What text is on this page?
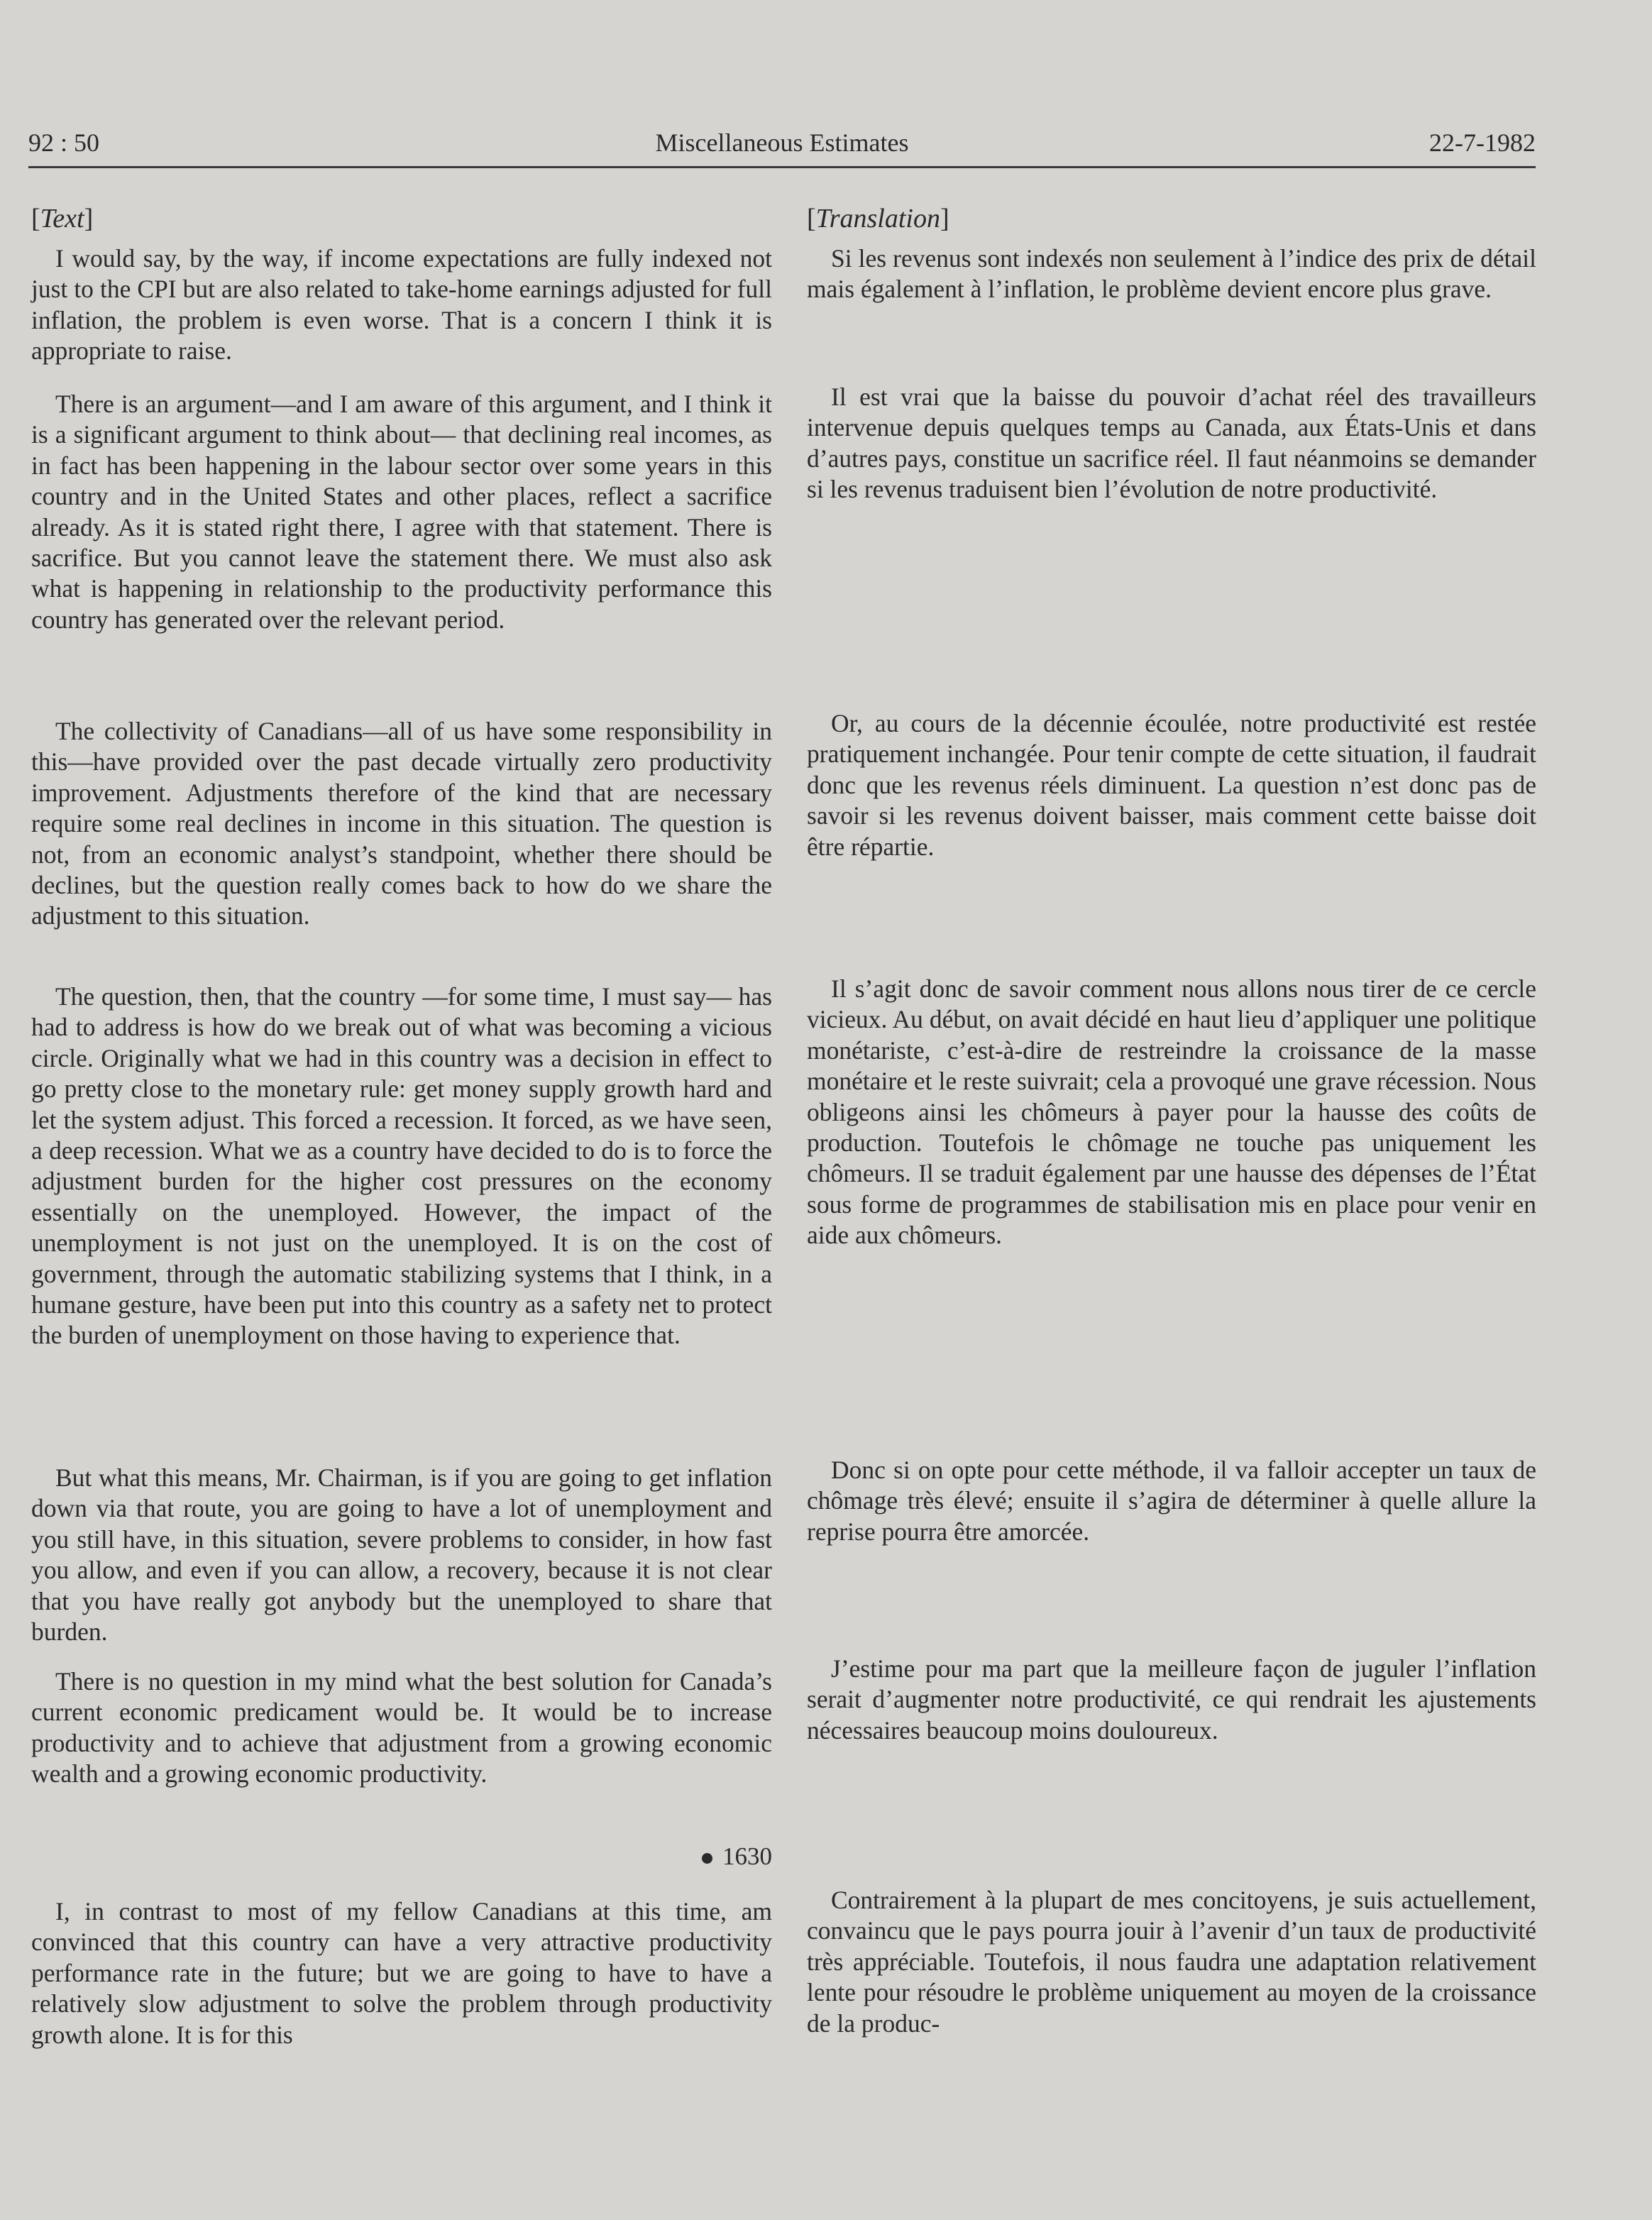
92 : 50	Miscellaneous Estimates	22-7-1982
[Text]
I would say, by the way, if income expectations are fully indexed not just to the CPI but are also related to take-home earnings adjusted for full inflation, the problem is even worse. That is a concern I think it is appropriate to raise.
There is an argument—and I am aware of this argument, and I think it is a significant argument to think about— that declining real incomes, as in fact has been happening in the labour sector over some years in this country and in the United States and other places, reflect a sacrifice already. As it is stated right there, I agree with that statement. There is sacrifice. But you cannot leave the statement there. We must also ask what is happening in relationship to the productivity performance this country has generated over the relevant period.
The collectivity of Canadians—all of us have some responsibility in this—have provided over the past decade virtually zero productivity improvement. Adjustments therefore of the kind that are necessary require some real declines in income in this situation. The question is not, from an economic analyst’s standpoint, whether there should be declines, but the question really comes back to how do we share the adjustment to this situation.
The question, then, that the country —for some time, I must say— has had to address is how do we break out of what was becoming a vicious circle. Originally what we had in this country was a decision in effect to go pretty close to the monetary rule: get money supply growth hard and let the system adjust. This forced a recession. It forced, as we have seen, a deep recession. What we as a country have decided to do is to force the adjustment burden for the higher cost pressures on the economy essentially on the unemployed. However, the impact of the unemployment is not just on the unemployed. It is on the cost of government, through the automatic stabilizing systems that I think, in a humane gesture, have been put into this country as a safety net to protect the burden of unemployment on those having to experience that.
But what this means, Mr. Chairman, is if you are going to get inflation down via that route, you are going to have a lot of unemployment and you still have, in this situation, severe problems to consider, in how fast you allow, and even if you can allow, a recovery, because it is not clear that you have really got anybody but the unemployed to share that burden.
There is no question in my mind what the best solution for Canada’s current economic predicament would be. It would be to increase productivity and to achieve that adjustment from a growing economic wealth and a growing economic productivity.
1630
I, in contrast to most of my fellow Canadians at this time, am convinced that this country can have a very attractive productivity performance rate in the future; but we are going to have to have a relatively slow adjustment to solve the problem through productivity growth alone. It is for this
[Translation]
Si les revenus sont indexés non seulement à l’indice des prix de détail mais également à l’inflation, le problème devient encore plus grave.
Il est vrai que la baisse du pouvoir d’achat réel des travailleurs intervenue depuis quelques temps au Canada, aux États-Unis et dans d’autres pays, constitue un sacrifice réel. Il faut néanmoins se demander si les revenus traduisent bien l’évolution de notre productivité.
Or, au cours de la décennie écoulée, notre productivité est restée pratiquement inchangée. Pour tenir compte de cette situation, il faudrait donc que les revenus réels diminuent. La question n’est donc pas de savoir si les revenus doivent baisser, mais comment cette baisse doit être répartie.
Il s’agit donc de savoir comment nous allons nous tirer de ce cercle vicieux. Au début, on avait décidé en haut lieu d’appliquer une politique monétariste, c’est-à-dire de restreindre la croissance de la masse monétaire et le reste suivrait; cela a provoqué une grave récession. Nous obligeons ainsi les chômeurs à payer pour la hausse des coûts de production. Toutefois le chômage ne touche pas uniquement les chômeurs. Il se traduit également par une hausse des dépenses de l’État sous forme de programmes de stabilisation mis en place pour venir en aide aux chômeurs.
Donc si on opte pour cette méthode, il va falloir accepter un taux de chômage très élevé; ensuite il s’agira de déterminer à quelle allure la reprise pourra être amorcée.
J’estime pour ma part que la meilleure façon de juguler l’inflation serait d’augmenter notre productivité, ce qui rendrait les ajustements nécessaires beaucoup moins douloureux.
Contrairement à la plupart de mes concitoyens, je suis actuellement, convaincu que le pays pourra jouir à l’avenir d’un taux de productivité très appréciable. Toutefois, il nous faudra une adaptation relativement lente pour résoudre le problème uniquement au moyen de la croissance de la produc-
